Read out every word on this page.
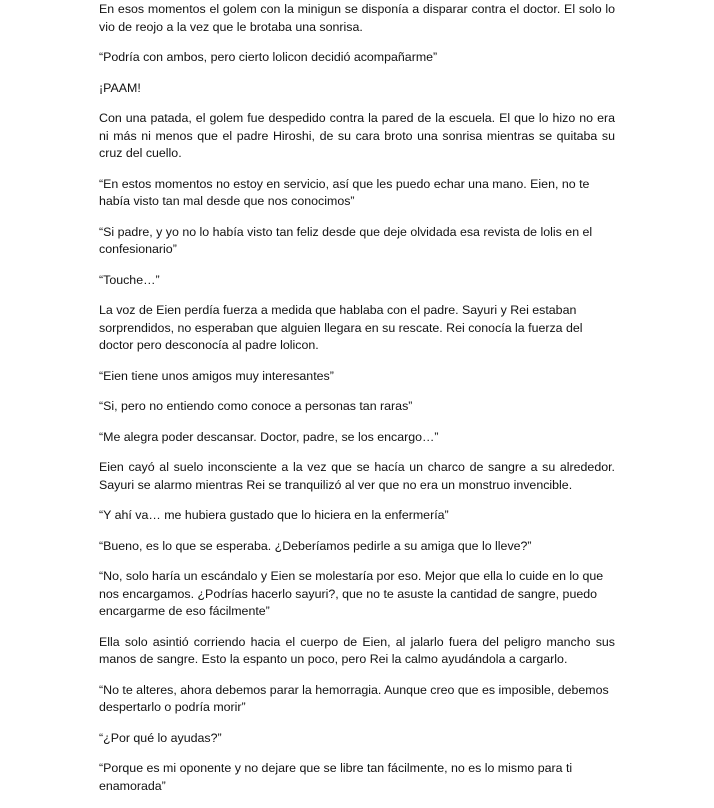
En esos momentos el golem con la minigun se disponía a disparar contra el doctor. El solo lo vio de reojo a la vez que le brotaba una sonrisa.

“Podría con ambos, pero cierto lolicon decidió acompañarme”

¡PAAM!

Con una patada, el golem fue despedido contra la pared de la escuela. El que lo hizo no era ni más ni menos que el padre Hiroshi, de su cara broto una sonrisa mientras se quitaba su cruz del cuello.

“En estos momentos no estoy en servicio, así que les puedo echar una mano. Eien, no te había visto tan mal desde que nos conocimos”

“Si padre, y yo no lo había visto tan feliz desde que deje olvidada esa revista de lolis en el confesionario”

“Touche…”

La voz de Eien perdía fuerza a medida que hablaba con el padre. Sayuri y Rei estaban sorprendidos, no esperaban que alguien llegara en su rescate. Rei conocía la fuerza del doctor pero desconocía al padre lolicon.

“Eien tiene unos amigos muy interesantes”

“Si, pero no entiendo como conoce a personas tan raras”

“Me alegra poder descansar. Doctor, padre, se los encargo…”

Eien cayó al suelo inconsciente a la vez que se hacía un charco de sangre a su alrededor. Sayuri se alarmo mientras Rei se tranquilizó al ver que no era un monstruo invencible.

“Y ahí va… me hubiera gustado que lo hiciera en la enfermería”

“Bueno, es lo que se esperaba. ¿Deberíamos pedirle a su amiga que lo lleve?”

“No, solo haría un escándalo y Eien se molestaría por eso. Mejor que ella lo cuide en lo que nos encargamos. ¿Podrías hacerlo sayuri?, que no te asuste la cantidad de sangre, puedo encargarme de eso fácilmente”

Ella solo asintió corriendo hacia el cuerpo de Eien, al jalarlo fuera del peligro mancho sus manos de sangre. Esto la espanto un poco, pero Rei la calmo ayudándola a cargarlo.

“No te alteres, ahora debemos parar la hemorragia. Aunque creo que es imposible, debemos despertarlo o podría morir”

“¿Por qué lo ayudas?”

“Porque es mi oponente y no dejare que se libre tan fácilmente, no es lo mismo para ti enamorada”
